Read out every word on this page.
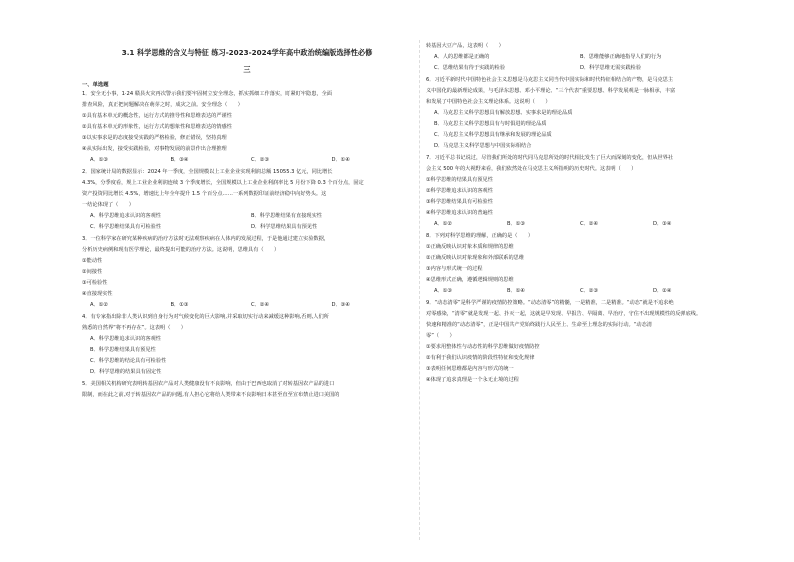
3.1 科学思维的含义与特征 练习-2023-2024学年高中政治统编版选择性必修
三
一、单选题

1．安全无小事，1·24 赣县火灾再次警示我们要牢固树立安全理念，抓实抓细工作落实，盯紧盯牢隐患，全面

排查风险，真正把问题解决在萌芽之时，成灾之前。安全理念（　　）

①具有基本单元的概念性，运行方式的推导性和思维表达的严谨性

②具有基本单元的形象性，运行方式的想象性和思维表达的情感性

③以实事求是的态度接受实践的严格检验，修正错误，坚持真理

④从实际出发，接受实践检验，对事物发展的前景作出合理推理

A．①③	B．③④	C．②③	D．①④

2．国家统计局的数据显示：2024 年一季度，全国规模以上工业企业实现利润总额 15055.3 亿元，同比增长

4.3%，分季度看，规上工业企业利润连续 3 个季度增长，全国规模以上工业企业利润率比 5 月份下降 0.3 个百分点，固定

资产投资同比增长 4.5%，增速比上年全年提升 1.5 个百分点……一系列数据印证前经济稳中向好势头。这

一结论体现了（　　）

A．科学思维追求认识的客观性	B．科学思维结果有直接现实性
C．科学思维结果具有可检验性	D．科学思维结果具有预见性

3．一位科学家在研究某种疾病的治疗方法时无法观察疾病在人体内的发展过程，于是他通过建立实验数据，

分析历史病例和现有医学理论，最终提出可能的治疗方法。这说明，思维具有（　　）

①能动性

②间接性

③可检验性

④直接现实性

A．①②	B．①③	C．②④	D．③④

4．有专家指出除非人类认识到自身行为对气候变化的巨大影响,并采取切实行动来减缓这种影响,否则,人们所

熟悉的自然界“将不再存在”。这表明（　　）

A．科学思维追求认识的客观性

B．科学思维结果具有预见性

C．科学思维的结论具有可检验性

D．科学思维的结果具有固定性

5．美国相关机构研究表明转基因农产品对人类健康没有不良影响，但由于巴西也取消了对转基因农产品的进口

限制，而在此之前,对于转基因农产品的问题,有人担心它将给人类带来不良影响日本甚至直至宣布禁止进口美国的

转基因大豆产品，这表明（　　）

A．人的思维都是正确的	B．思维能够正确地指导人们的行为
C．思维结果有待于实践的检验	D．科学思维无需实践检验

6．习近平新时代中国特色社会主义思想是马克思主义同当代中国实际和时代特征相结合的产物，是马克思主

义中国化的最新理论成果，与毛泽东思想、邓小平理论、“三个代表”重要思想、科学发展观是一脉相承，丰富

和发展了中国特色社会主义理论体系。这说明（　　）

A．马克思主义科学思想具有解放思想、实事求是的理论品质

B．马克思主义科学思想具有与时俱进的理论品质

C．马克思主义科学思想具有继承和发展的理论品质

D．马克思主义科学思想与中国实际相结合

7．习近平总书记说过，尽管我们所处的时代同马克思所处的时代相比发生了巨大而深刻的变化，但从世界社

会主义 500 年的大视野来看，我们依然处在马克思主义所指明的历史时代。这表明（　　）

①科学思维的结果具有预见性

②科学思维追求认识的客观性

③科学思维结果具有可检验性

④科学思维追求认识的普遍性

A．①②	B．①③	C．②④	D．③④

8．下列对科学思维的理解，正确的是（　　）

①正确反映认识对象本质和规律的思维

②正确反映认识对象现象和外部联系的思维

③内容与形式统一的过程

④思维形式正确，遵循逻辑规则的思维

A．①③	B．①④	C．②③	D．②④

9．“动态清零”是科学严谨的疫情防控策略。“动态清零”的精髓，一是精准，二是精准。“动态”就是不追求绝

对零感染，“清零”就是发现一起、扑灭一起，这就是早发现、早报告、早隔离、早治疗，守住不出现规模性的反弹底线。

快速和精准的“动态清零”，正是中国共产党始终践行人民至上、生命至上理念的实际行动。“动态清

零”（　　）

①要求用整体性与动态性的科学思维做好疫情防控

②有利于我们认识疫情的阶段性特征和变化规律

③表明任何思维都是内容与形式的统一

④体现了追求真理是一个永无止境的过程
